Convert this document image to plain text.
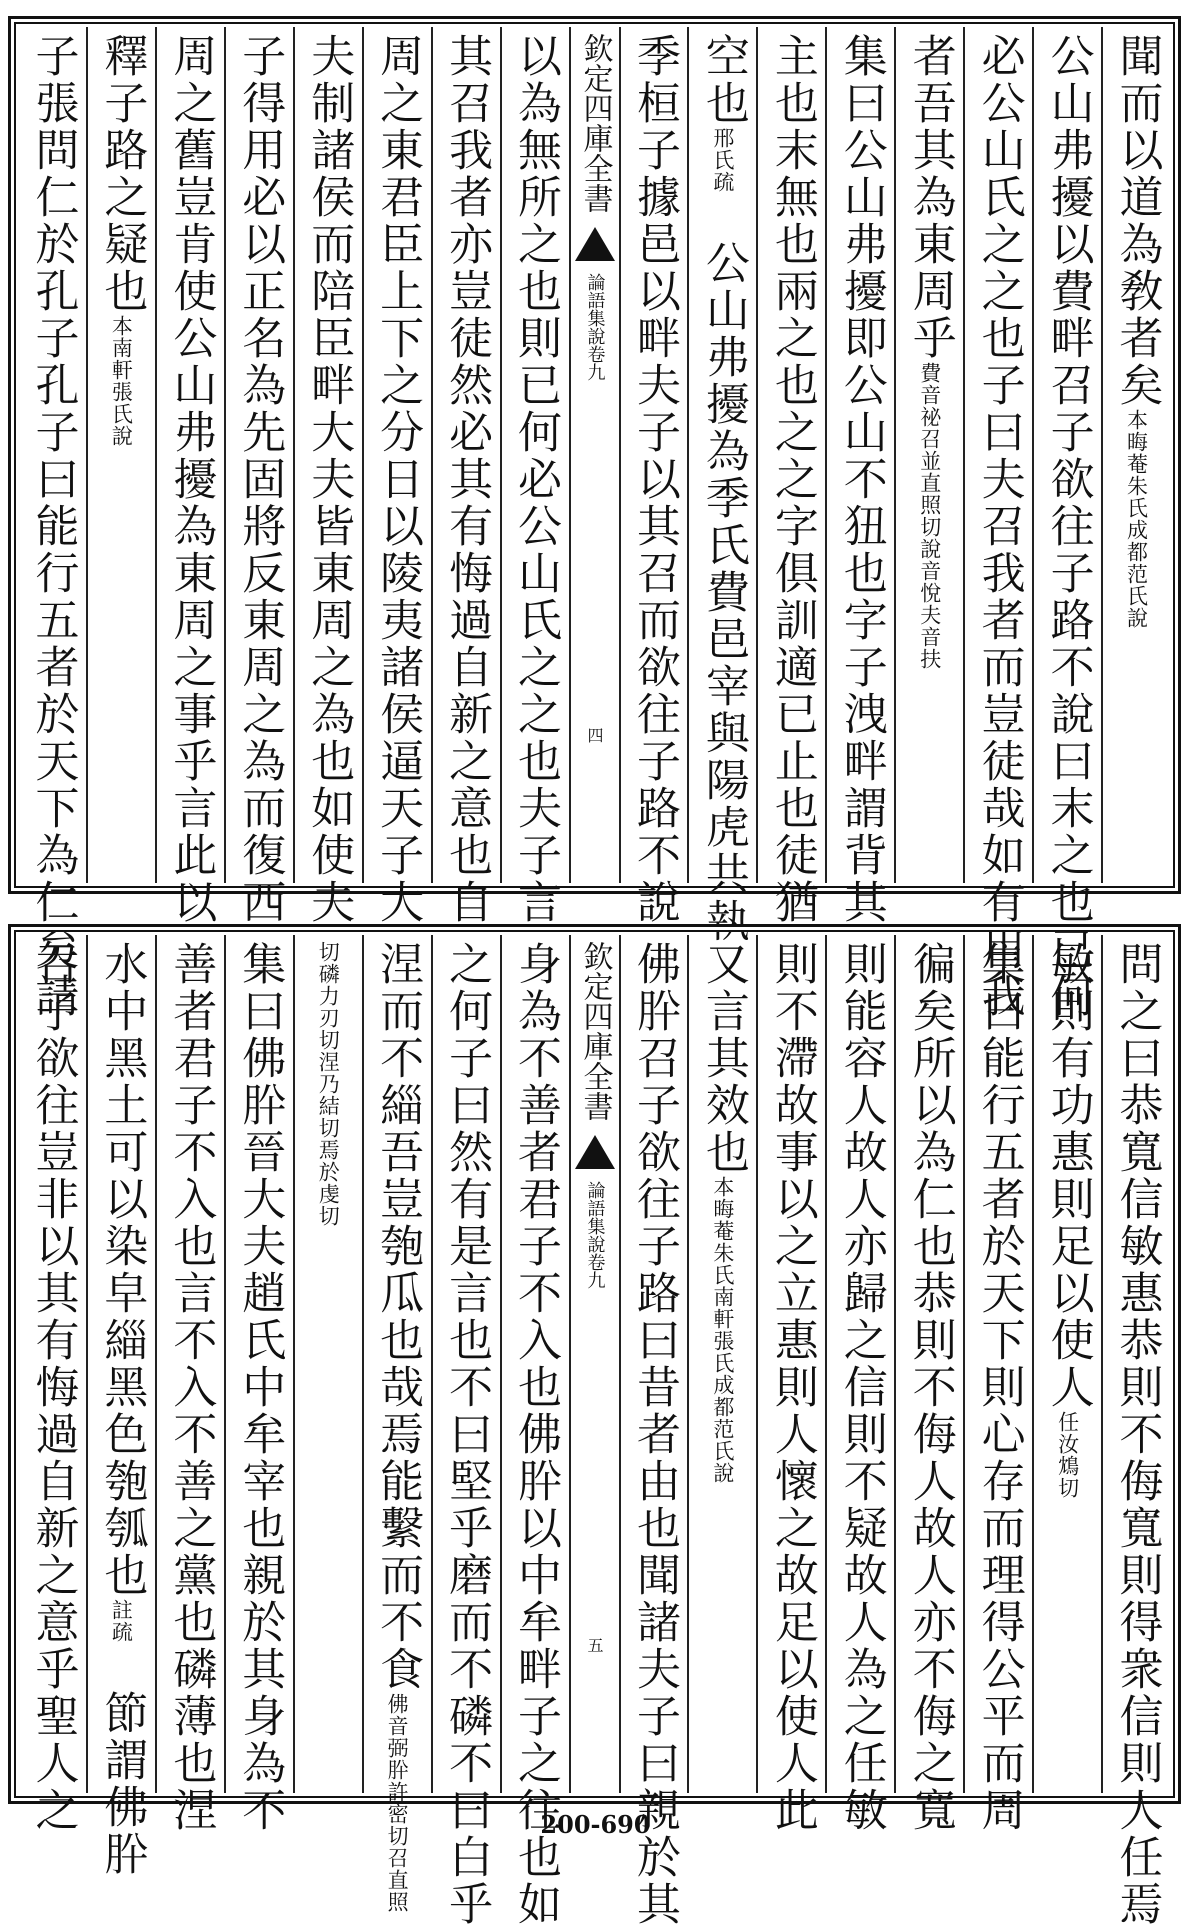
聞而以道為敎者矣本晦菴朱氏成都范氏說
公山弗擾以費畔召子欲往子路不說曰末之也已何
必公山氏之之也子曰夫召我者而豈徒哉如有用我
者吾其為東周乎費音祕召並直照切說音悅夫音扶
集曰公山弗擾即公山不狃也字子洩畔謂背其
主也末無也兩之也之之字俱訓適已止也徒猶
空也邢氏疏　公山弗擾為季氏費邑宰與陽虎共執
季桓子據邑以畔夫子以其召而欲往子路不說
欽定四庫全書
論語集說
卷九
四
以為無所之也則已何必公山氏之之也夫子言
其召我者亦豈徒然必其有悔過自新之意也自
周之東君臣上下之分日以陵夷諸侯逼天子大
夫制諸侯而陪臣畔大夫皆東周之為也如使夫
子得用必以正名為先固將反東周之為而復西
周之舊豈肯使公山弗擾為東周之事乎言此以
釋子路之疑也本南軒張氏說
子張問仁於孔子孔子曰能行五者於天下為仁矣請
問之曰恭寬信敏惠恭則不侮寬則得衆信則人任焉
敏則有功惠則足以使人任汝鴆切
集曰能行五者於天下則心存而理得公平而周
徧矣所以為仁也恭則不侮人故人亦不侮之寬
則能容人故人亦歸之信則不疑故人為之任敏
則不滯故事以之立惠則人懷之故足以使人此
又言其效也本晦菴朱氏南軒張氏成都范氏說
佛肸召子欲往子路曰昔者由也聞諸夫子曰親於其
欽定四庫全書
論語集說
卷九
五
身為不善者君子不入也佛肸以中牟畔子之往也如
之何子曰然有是言也不曰堅乎磨而不磷不曰白乎
涅而不緇吾豈匏瓜也哉焉能繫而不食佛音弼肸許密切召直照
切磷力刃切涅乃結切焉於虔切
集曰佛肸晉大夫趙氏中牟宰也親於其身為不
善者君子不入也言不入不善之黨也磷薄也涅
水中黑土可以染皁緇黑色匏瓠也註疏　節謂佛肸
召子欲往豈非以其有悔過自新之意乎聖人之	200-690
